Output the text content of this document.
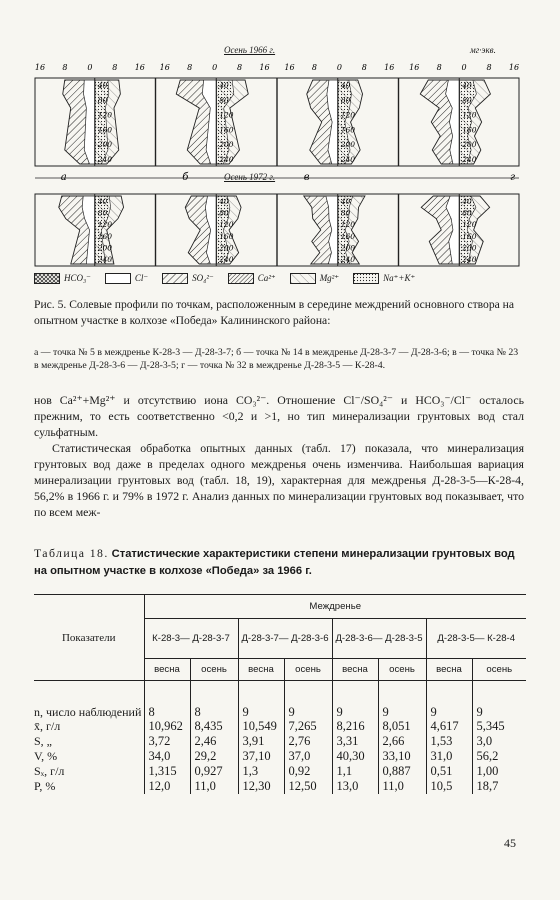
16 8 0 8 16 16 8 0 8 16 16 8 0 8 16 16 8 0 8 16
40
80
120
160
200
240
а
40
80
120
160
200
240
б
40
80
120
160
200
240
в
40
80
120
160
200
240
г
40
80
120
160
200
240
40
80
120
160
200
240
40
80
120
160
200
240
40
80
120
160
200
240
Осень 1966 г.
Осень 1972 г.
мг·экв.
HCO₃⁻	Cl⁻	SO₄²⁻	Ca²⁺	Mg²⁺	Na⁺+K⁺
Рис. 5. Солевые профили по точкам, расположенным в середине междрений основного створа на опытном участке в колхозе «Победа» Калининского района:
а — точка № 5 в междренье К-28-3 — Д-28-3-7; б — точка № 14 в междренье Д-28-3-7 — Д-28-3-6; в — точка № 23 в междренье Д-28-3-6 — Д-28-3-5; г — точка № 32 в междренье Д-28-3-5 — К-28-4.
нов Ca²⁺+Mg²⁺ и отсутствию иона CO₃²⁻. Отношение Cl⁻/SO₄²⁻ и HCO₃⁻/Cl⁻ осталось прежним, то есть соответственно <0,2 и >1, но тип минерализации грунтовых вод стал сульфатным.
Статистическая обработка опытных данных (табл. 17) показала, что минерализация грунтовых вод даже в пределах одного междренья очень изменчива. Наибольшая вариация минерализации грунтовых вод (табл. 18, 19), характерная для междренья Д-28-3-5—К-28-4, 56,2% в 1966 г. и 79% в 1972 г. Анализ данных по минерализации грунтовых вод показывает, что по всем меж-
Таблица 18. Статистические характеристики степени минерализации грунтовых вод на опытном участке в колхозе «Победа» за 1966 г.
Показатели	Междренье							
	К-28-3— Д-28-3-7		Д-28-3-7— Д-28-3-6		Д-28-3-6— Д-28-3-5		Д-28-3-5— К-28-4	
	весна	осень	весна	осень	весна	осень	весна	осень
n, число наблюдений	8	8	9	9	9	9	9	9
x̄, г/л	10,962	8,435	10,549	7,265	8,216	8,051	4,617	5,345
S, „	3,72	2,46	3,91	2,76	3,31	2,66	1,53	3,0
V, %	34,0	29,2	37,10	37,0	40,30	33,10	31,0	56,2
Sₓ, г/л	1,315	0,927	1,3	0,92	1,1	0,887	0,51	1,00
P, %	12,0	11,0	12,30	12,50	13,0	11,0	10,5	18,7
45
